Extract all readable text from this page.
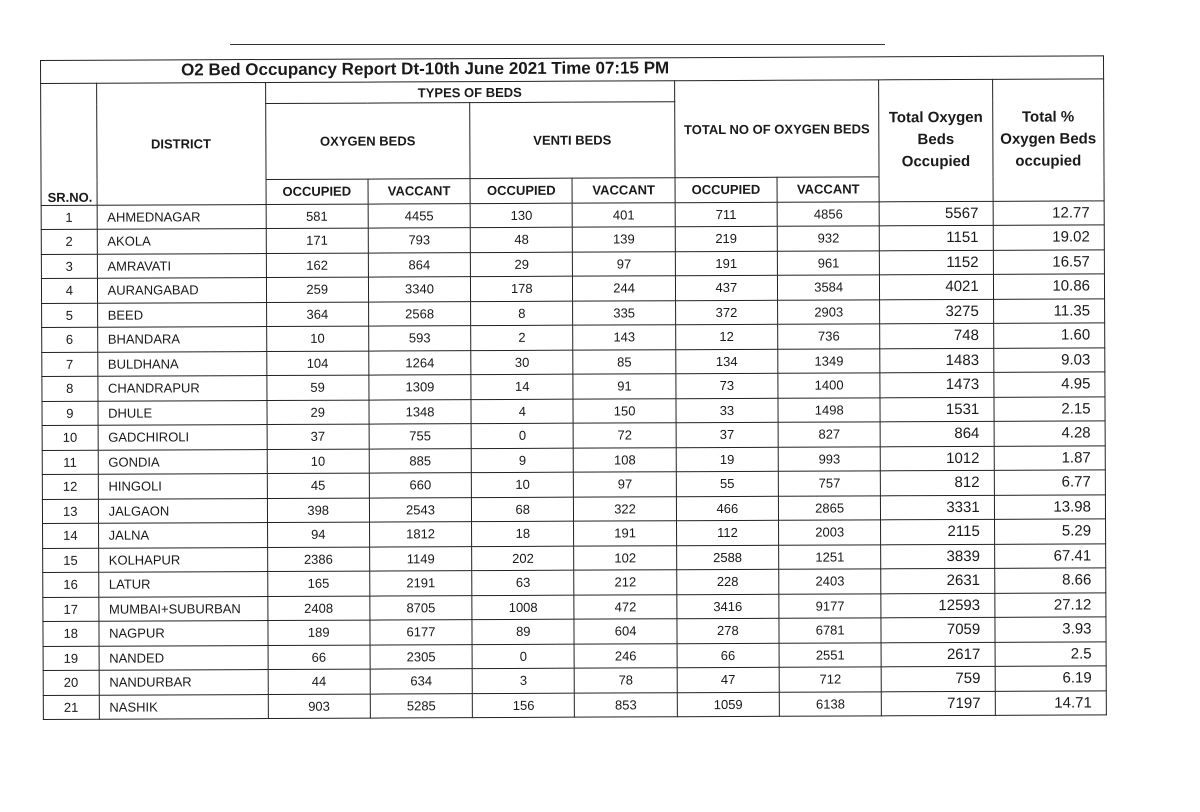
O2 Bed Occupancy Report Dt-10th June 2021 Time 07:15 PM
SR.NO.	DISTRICT	TYPES OF BEDS				TOTAL NO OF OXYGEN BEDS		Total Oxygen Beds Occupied	Total % Oxygen Beds occupied
		OXYGEN BEDS		VENTI BEDS					
		OCCUPIED	VACCANT	OCCUPIED	VACCANT	OCCUPIED	VACCANT		
1	AHMEDNAGAR	581	4455	130	401	711	4856	5567	12.77
2	AKOLA	171	793	48	139	219	932	1151	19.02
3	AMRAVATI	162	864	29	97	191	961	1152	16.57
4	AURANGABAD	259	3340	178	244	437	3584	4021	10.86
5	BEED	364	2568	8	335	372	2903	3275	11.35
6	BHANDARA	10	593	2	143	12	736	748	1.60
7	BULDHANA	104	1264	30	85	134	1349	1483	9.03
8	CHANDRAPUR	59	1309	14	91	73	1400	1473	4.95
9	DHULE	29	1348	4	150	33	1498	1531	2.15
10	GADCHIROLI	37	755	0	72	37	827	864	4.28
11	GONDIA	10	885	9	108	19	993	1012	1.87
12	HINGOLI	45	660	10	97	55	757	812	6.77
13	JALGAON	398	2543	68	322	466	2865	3331	13.98
14	JALNA	94	1812	18	191	112	2003	2115	5.29
15	KOLHAPUR	2386	1149	202	102	2588	1251	3839	67.41
16	LATUR	165	2191	63	212	228	2403	2631	8.66
17	MUMBAI+SUBURBAN	2408	8705	1008	472	3416	9177	12593	27.12
18	NAGPUR	189	6177	89	604	278	6781	7059	3.93
19	NANDED	66	2305	0	246	66	2551	2617	2.5
20	NANDURBAR	44	634	3	78	47	712	759	6.19
21	NASHIK	903	5285	156	853	1059	6138	7197	14.71
